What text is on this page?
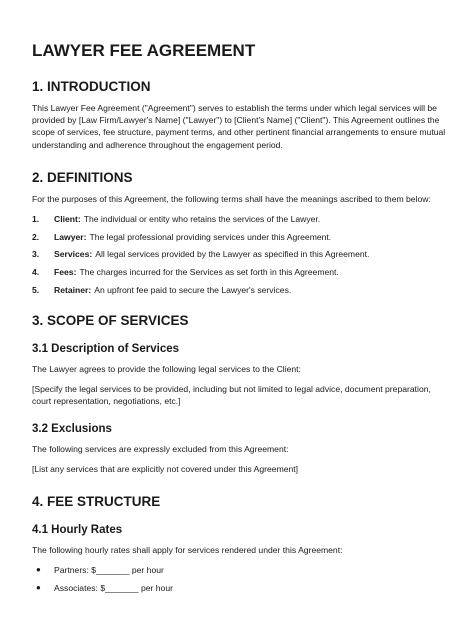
LAWYER FEE AGREEMENT
1. INTRODUCTION

This Lawyer Fee Agreement ("Agreement") serves to establish the terms under which legal services will be provided by [Law Firm/Lawyer's Name] ("Lawyer") to [Client's Name] ("Client"). This Agreement outlines the scope of services, fee structure, payment terms, and other pertinent financial arrangements to ensure mutual understanding and adherence throughout the engagement period.

2. DEFINITIONS

For the purposes of this Agreement, the following terms shall have the meanings ascribed to them below:

1.	Client: The individual or entity who retains the services of the Lawyer.
2.	Lawyer: The legal professional providing services under this Agreement.
3.	Services: All legal services provided by the Lawyer as specified in this Agreement.
4.	Fees: The charges incurred for the Services as set forth in this Agreement.
5.	Retainer: An upfront fee paid to secure the Lawyer's services.
3. SCOPE OF SERVICES
3.1 Description of Services

The Lawyer agrees to provide the following legal services to the Client:

[Specify the legal services to be provided, including but not limited to legal advice, document preparation, court representation, negotiations, etc.]

3.2 Exclusions

The following services are expressly excluded from this Agreement:

[List any services that are explicitly not covered under this Agreement]

4. FEE STRUCTURE
4.1 Hourly Rates

The following hourly rates shall apply for services rendered under this Agreement:

●	Partners: $_______ per hour
●	Associates: $_______ per hour
